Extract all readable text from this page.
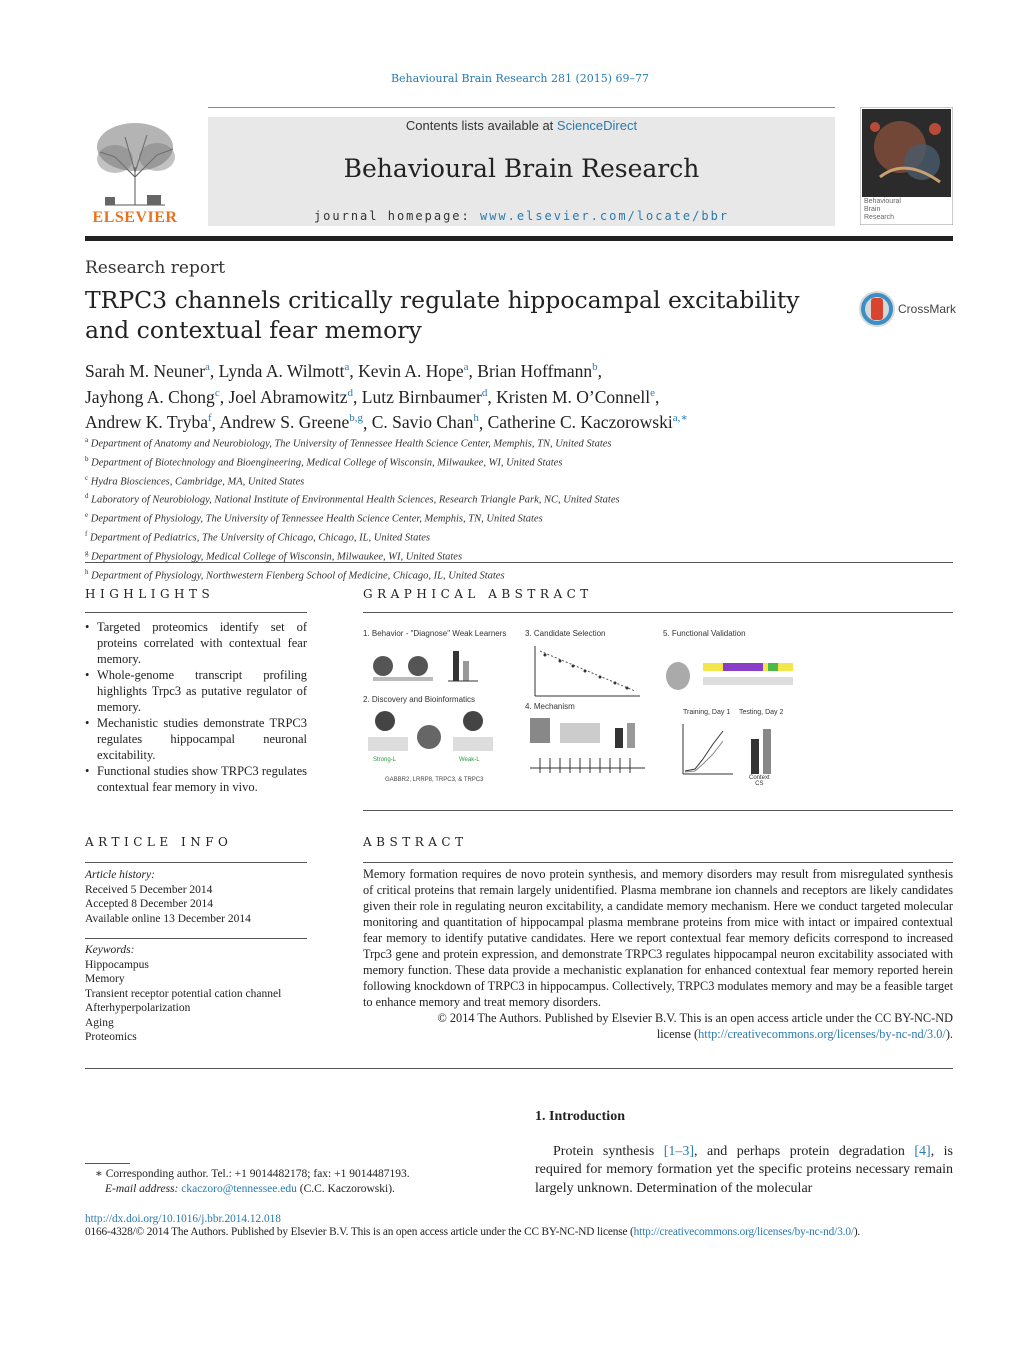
Behavioural Brain Research 281 (2015) 69–77
ELSEVIER
Contents lists available at ScienceDirect
Behavioural Brain Research
journal homepage: www.elsevier.com/locate/bbr
Behavioural
Brain
Research
Research report
TRPC3 channels critically regulate hippocampal excitability and contextual fear memory
CrossMark
Sarah M. Neuner$^a$, Lynda A. Wilmott$^a$, Kevin A. Hope$^a$, Brian Hoffmann$^b$,
Jayhong A. Chong$^c$, Joel Abramowitz$^d$, Lutz Birnbaumer$^d$, Kristen M. O’Connell$^e$,
Andrew K. Tryba$^f$, Andrew S. Greene$^{b,g}$, C. Savio Chan$^h$, Catherine C. Kaczorowski$^{a,∗}$
$^a$ Department of Anatomy and Neurobiology, The University of Tennessee Health Science Center, Memphis, TN, United States
$^b$ Department of Biotechnology and Bioengineering, Medical College of Wisconsin, Milwaukee, WI, United States
$^c$ Hydra Biosciences, Cambridge, MA, United States
$^d$ Laboratory of Neurobiology, National Institute of Environmental Health Sciences, Research Triangle Park, NC, United States
$^e$ Department of Physiology, The University of Tennessee Health Science Center, Memphis, TN, United States
$^f$ Department of Pediatrics, The University of Chicago, Chicago, IL, United States
$^g$ Department of Physiology, Medical College of Wisconsin, Milwaukee, WI, United States
$^h$ Department of Physiology, Northwestern Fienberg School of Medicine, Chicago, IL, United States
HIGHLIGHTS
• Targeted proteomics identify set of proteins correlated with contextual fear memory.
• Whole-genome transcript profiling highlights Trpc3 as putative regulator of memory.
• Mechanistic studies demonstrate TRPC3 regulates hippocampal neuronal excitability.
• Functional studies show TRPC3 regulates contextual fear memory in vivo.
GRAPHICAL ABSTRACT
1. Behavior - "Diagnose" Weak Learners
2. Discovery and Bioinformatics
3. Candidate Selection
4. Mechanism
5. Functional Validation
Strong-L	Weak-L
GABBR2, LRRP8, TRPC3, & TRPC3
Training, Day 1 Testing, Day 2
Context
CS
ARTICLE INFO
Article history:
Received 5 December 2014
Accepted 8 December 2014
Available online 13 December 2014
Keywords:
Hippocampus
Memory
Transient receptor potential cation channel
Afterhyperpolarization
Aging
Proteomics
ABSTRACT

Memory formation requires de novo protein synthesis, and memory disorders may result from misregulated synthesis of critical proteins that remain largely unidentified. Plasma membrane ion channels and receptors are likely candidates given their role in regulating neuron excitability, a candidate memory mechanism. Here we conduct targeted molecular monitoring and quantitation of hippocampal plasma membrane proteins from mice with intact or impaired contextual fear memory to identify putative candidates. Here we report contextual fear memory deficits correspond to increased Trpc3 gene and protein expression, and demonstrate TRPC3 regulates hippocampal neuron excitability associated with memory function. These data provide a mechanistic explanation for enhanced contextual fear memory reported herein following knockdown of TRPC3 in hippocampus. Collectively, TRPC3 modulates memory and may be a feasible target to enhance memory and treat memory disorders.

© 2014 The Authors. Published by Elsevier B.V. This is an open access article under the CC BY-NC-ND
license (http://creativecommons.org/licenses/by-nc-nd/3.0/).

1. Introduction
Protein synthesis [1–3], and perhaps protein degradation [4], is required for memory formation yet the specific proteins necessary remain largely unknown. Determination of the molecular
∗ Corresponding author. Tel.: +1 9014482178; fax: +1 9014487193.
E-mail address: ckaczoro@tennessee.edu (C.C. Kaczorowski).
http://dx.doi.org/10.1016/j.bbr.2014.12.018
0166-4328/© 2014 The Authors. Published by Elsevier B.V. This is an open access article under the CC BY-NC-ND license (http://creativecommons.org/licenses/by-nc-nd/3.0/).
